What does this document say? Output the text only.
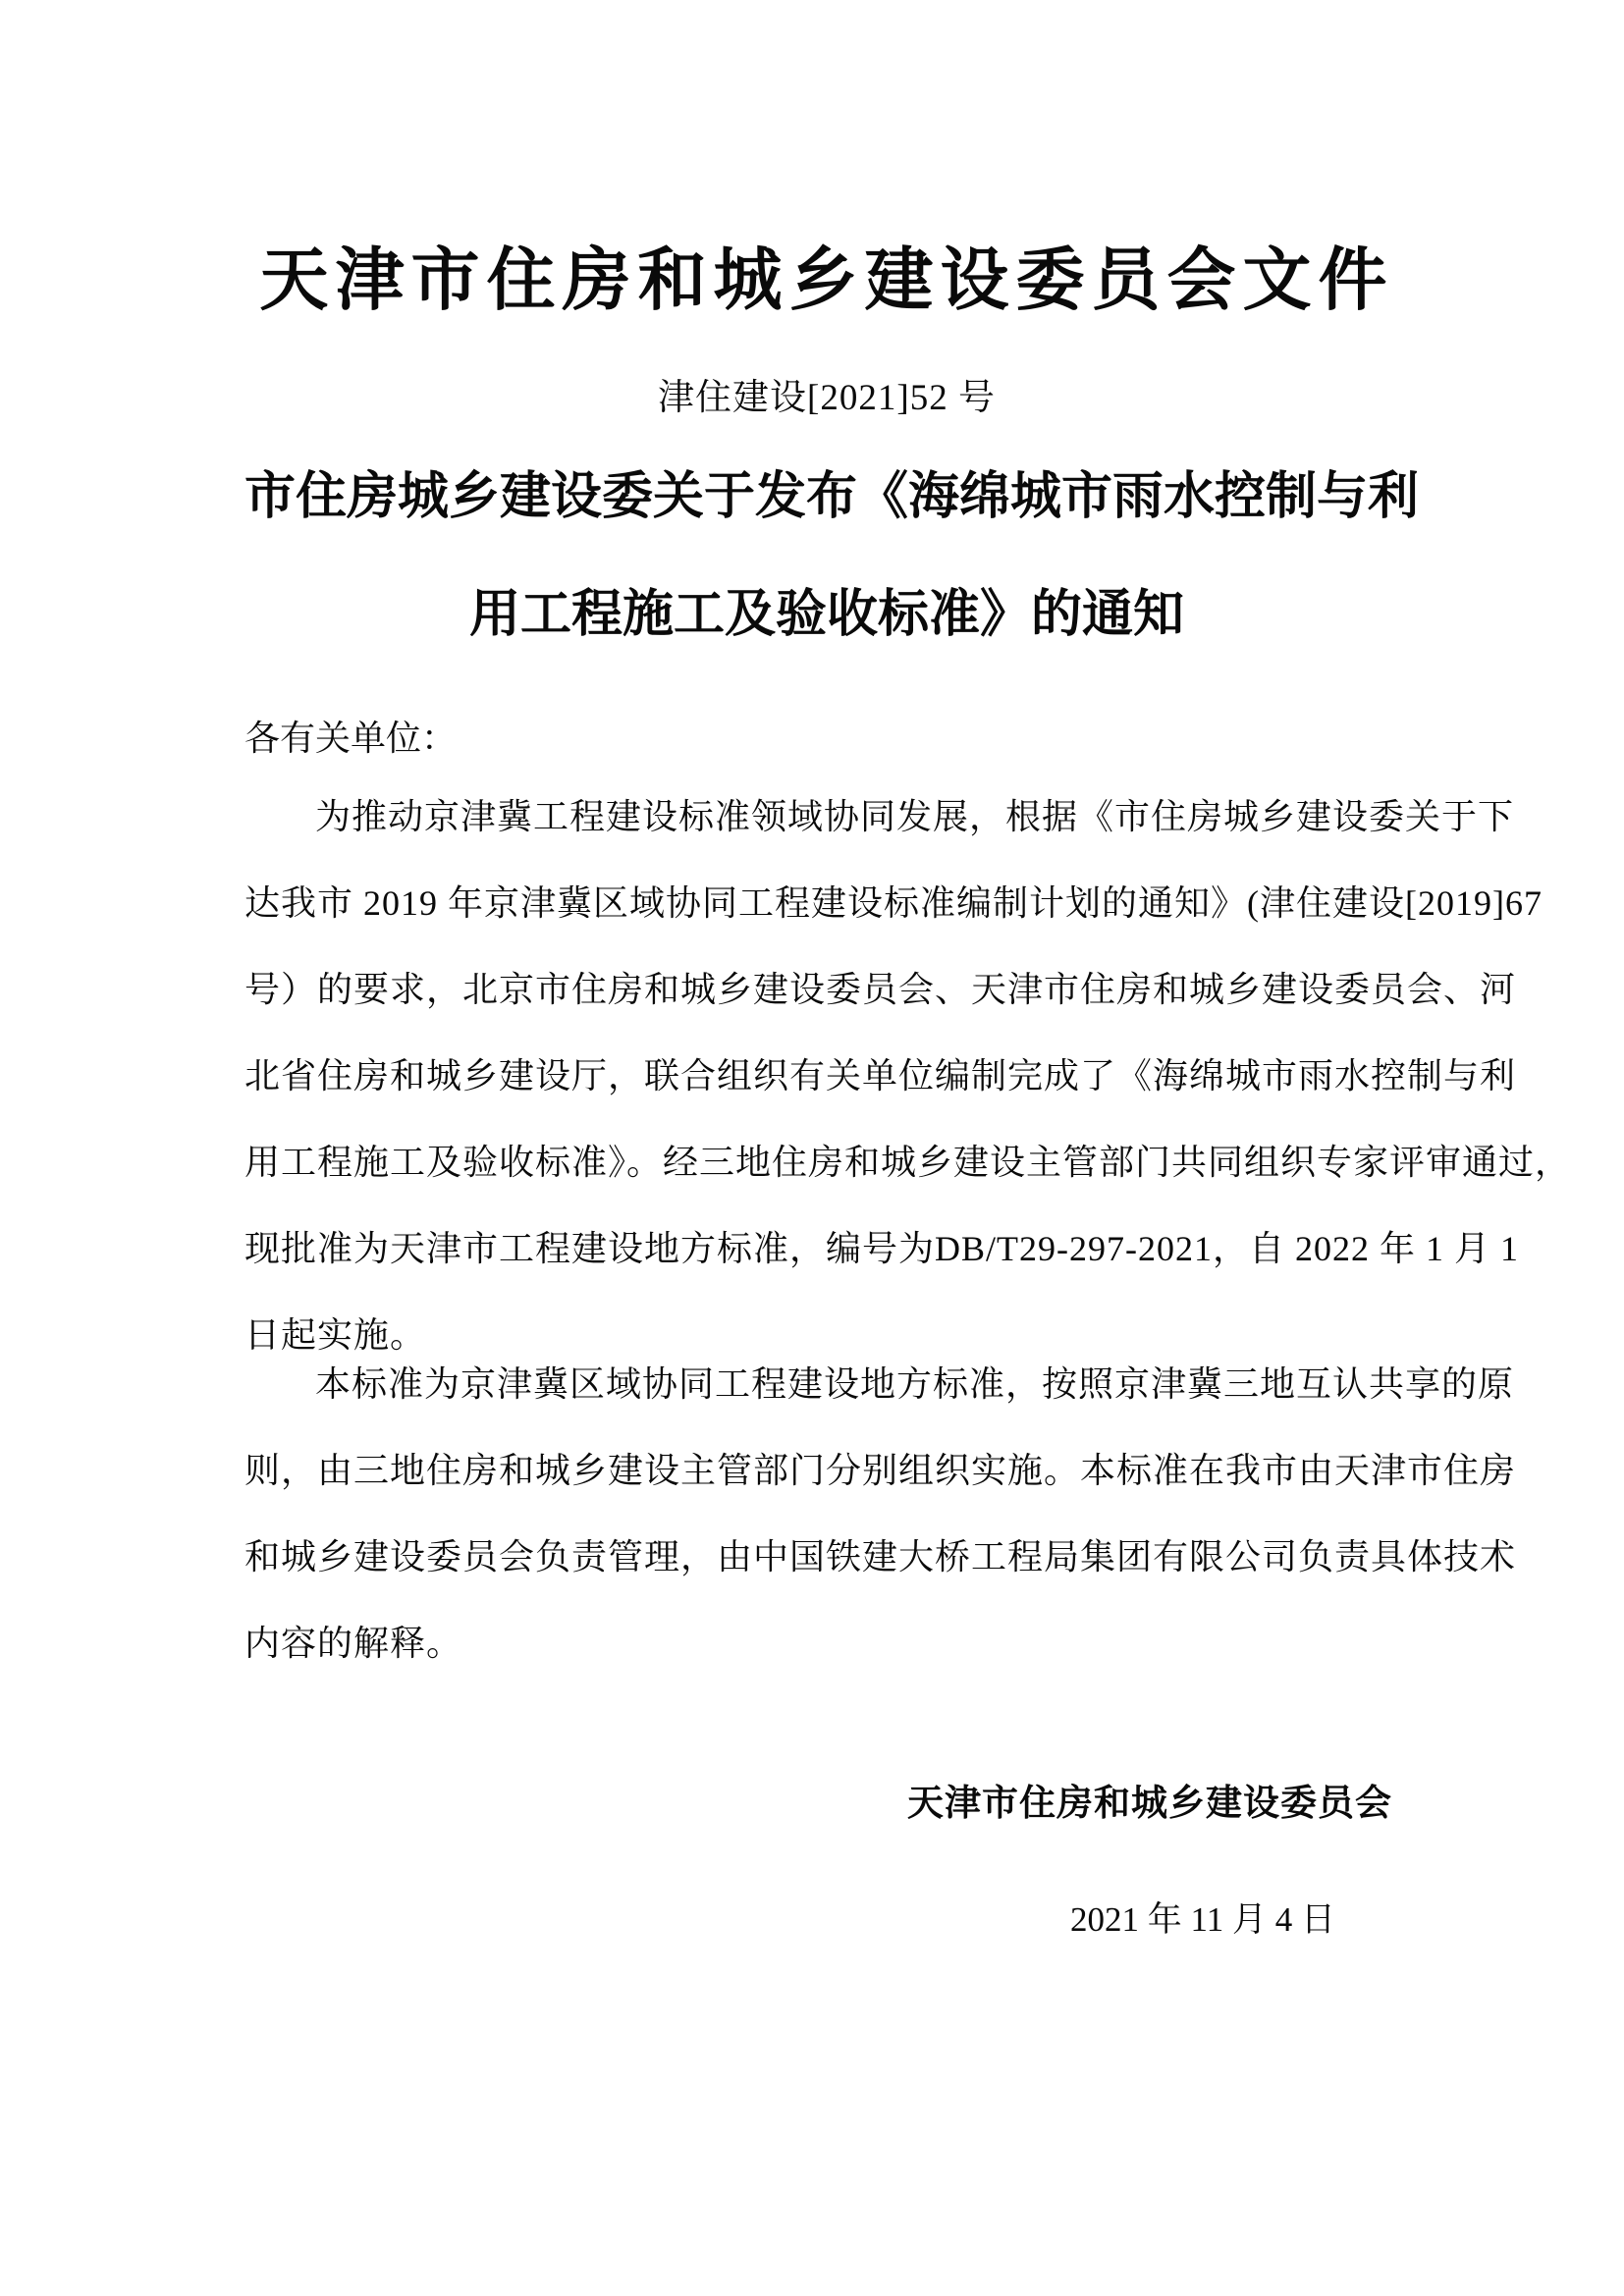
天津市住房和城乡建设委员会文件
津住建设[2021]52 号
市住房城乡建设委关于发布《海绵城市雨水控制与利
用工程施工及验收标准》的通知
各有关单位：
为推动京津冀工程建设标准领域协同发展，根据《市住房城乡建设委关于下
达我市 2019 年京津冀区域协同工程建设标准编制计划的通知》(津住建设[2019]67
号）的要求，北京市住房和城乡建设委员会、天津市住房和城乡建设委员会、河
北省住房和城乡建设厅，联合组织有关单位编制完成了《海绵城市雨水控制与利
用工程施工及验收标准》。经三地住房和城乡建设主管部门共同组织专家评审通过，
现批准为天津市工程建设地方标准，编号为DB/T29-297-2021，自 2022 年 1 月 1
日起实施。
本标准为京津冀区域协同工程建设地方标准，按照京津冀三地互认共享的原
则，由三地住房和城乡建设主管部门分别组织实施。本标准在我市由天津市住房
和城乡建设委员会负责管理，由中国铁建大桥工程局集团有限公司负责具体技术
内容的解释。
天津市住房和城乡建设委员会
2021 年 11 月 4 日
